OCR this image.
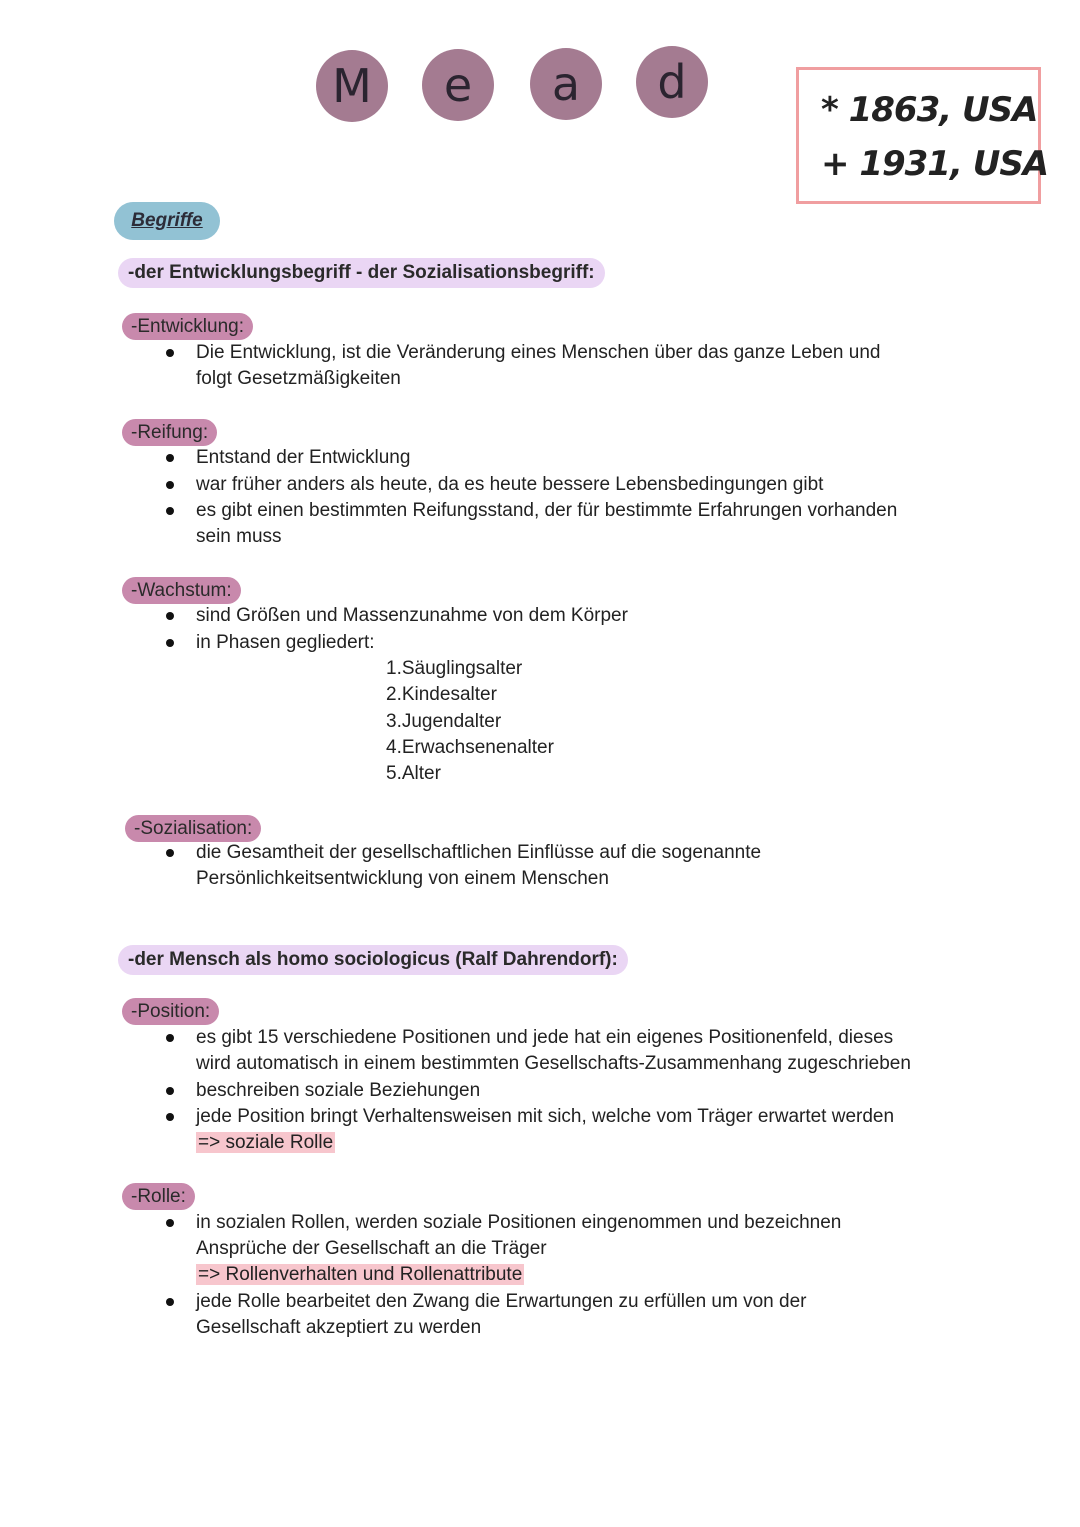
M	e	a	d
* 1863, USA
+ 1931, USA
Begriffe
-der Entwicklungsbegriff - der Sozialisationsbegriff:
-Entwicklung:
Die Entwicklung, ist die Veränderung eines Menschen über das ganze Leben und
folgt Gesetzmäßigkeiten
-Reifung:
Entstand der Entwicklung
war früher anders als heute, da es heute bessere Lebensbedingungen gibt
es gibt einen bestimmten Reifungsstand, der für bestimmte Erfahrungen vorhanden
sein muss
-Wachstum:
sind Größen und Massenzunahme von dem Körper
in Phasen gegliedert:
1.Säuglingsalter
2.Kindesalter
3.Jugendalter
4.Erwachsenenalter
5.Alter
-Sozialisation:
die Gesamtheit der gesellschaftlichen Einflüsse auf die sogenannte
Persönlichkeitsentwicklung von einem Menschen
-der Mensch als homo sociologicus (Ralf Dahrendorf):
-Position:
es gibt 15 verschiedene Positionen und jede hat ein eigenes Positionenfeld, dieses
wird automatisch in einem bestimmten Gesellschafts-Zusammenhang zugeschrieben
beschreiben soziale Beziehungen
jede Position bringt Verhaltensweisen mit sich, welche vom Träger erwartet werden
=> soziale Rolle
-Rolle:
in sozialen Rollen, werden soziale Positionen eingenommen und bezeichnen
Ansprüche der Gesellschaft an die Träger
=> Rollenverhalten und Rollenattribute
jede Rolle bearbeitet den Zwang die Erwartungen zu erfüllen um von der
Gesellschaft akzeptiert zu werden
